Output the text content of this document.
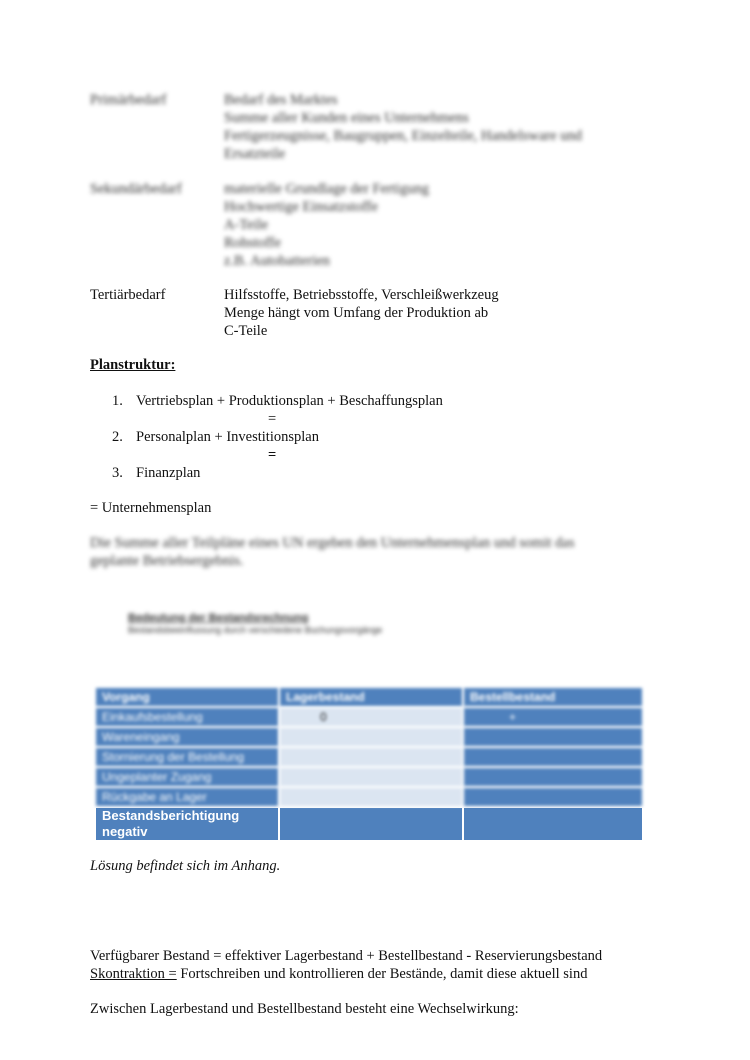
Primärbedarf	Bedarf des Marktes
Summe aller Kunden eines Unternehmens
Fertigerzeugnisse, Baugruppen, Einzelteile, Handelsware und
Ersatzteile
Sekundärbedarf	materielle Grundlage der Fertigung
Hochwertige Einsatzstoffe
A-Teile
Rohstoffe
z.B. Autobatterien
Tertiärbedarf	Hilfsstoffe, Betriebsstoffe, Verschleißwerkzeug
Menge hängt vom Umfang der Produktion ab
C-Teile
Planstruktur:
1. Vertriebsplan + Produktionsplan + Beschaffungsplan
=
2. Personalplan + Investitionsplan
=
3. Finanzplan
= Unternehmensplan
Die Summe aller Teilpläne eines UN ergeben den Unternehmensplan und somit das
geplante Betriebsergebnis.
Bedeutung der Bestandsrechnung
Bestandsbeeinflussung durch verschiedene Buchungsvorgänge
Vorgang	Lagerbestand	Bestellbestand
Einkaufsbestellung	0	+
Wareneingang		
Stornierung der Bestellung		
Ungeplanter Zugang		
Rückgabe an Lager		
Bestandsberichtigung negativ		
Lösung befindet sich im Anhang.
Verfügbarer Bestand = effektiver Lagerbestand + Bestellbestand - Reservierungsbestand
Skontraktion = Fortschreiben und kontrollieren der Bestände, damit diese aktuell sind
Zwischen Lagerbestand und Bestellbestand besteht eine Wechselwirkung:
